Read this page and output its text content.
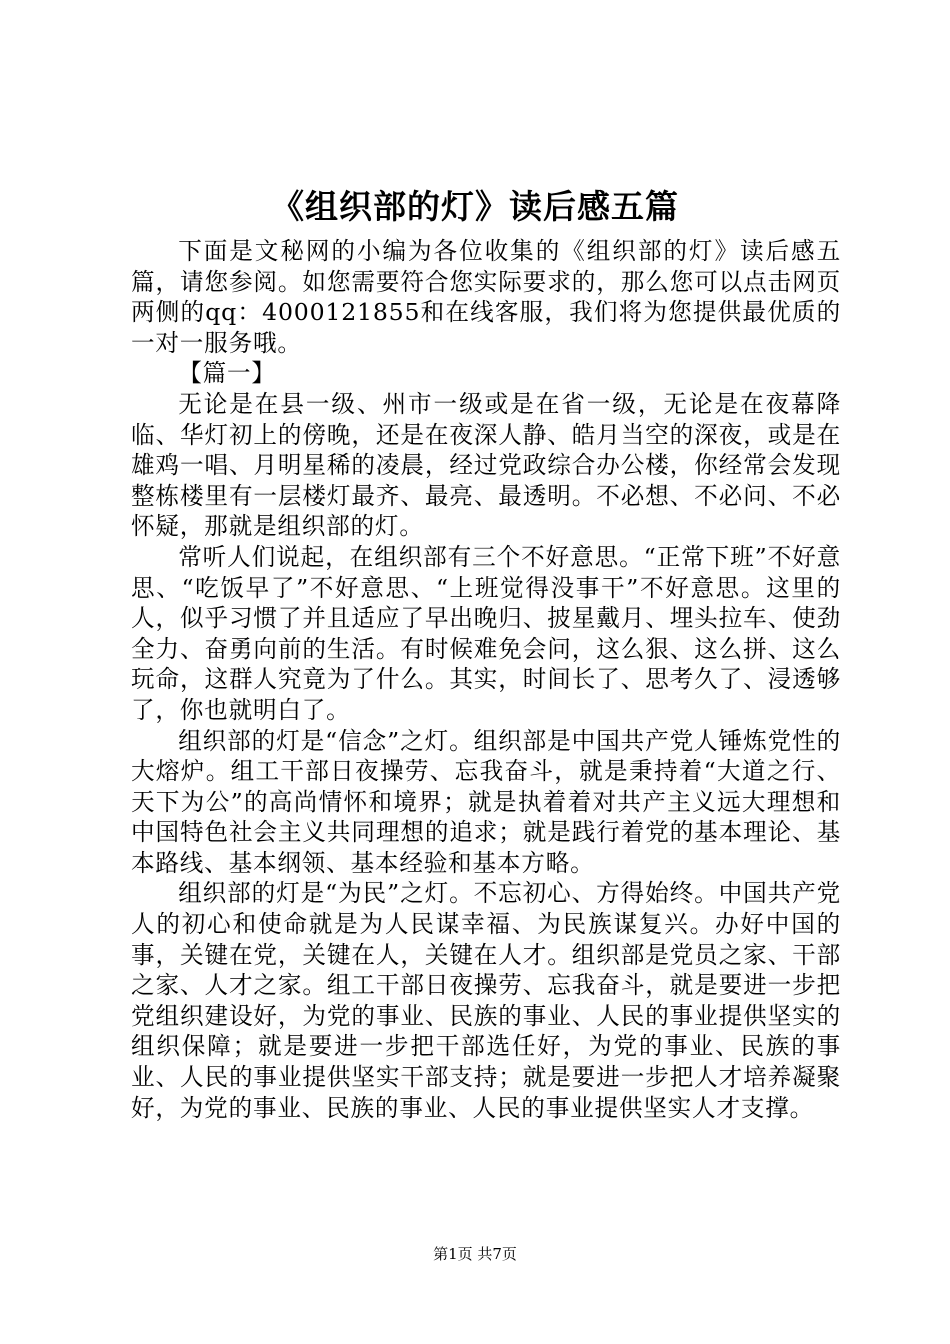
《组织部的灯》读后感五篇

下面是文秘网的小编为各位收集的《组织部的灯》读后感五篇，请您参阅。如您需要符合您实际要求的，那么您可以点击网页两侧的qq：4000121855和在线客服，我们将为您提供最优质的一对一服务哦。

【篇一】

无论是在县一级、州市一级或是在省一级，无论是在夜幕降临、华灯初上的傍晚，还是在夜深人静、皓月当空的深夜，或是在雄鸡一唱、月明星稀的凌晨，经过党政综合办公楼，你经常会发现整栋楼里有一层楼灯最齐、最亮、最透明。不必想、不必问、不必怀疑，那就是组织部的灯。

常听人们说起，在组织部有三个不好意思。“正常下班”不好意思、“吃饭早了”不好意思、“上班觉得没事干”不好意思。这里的人，似乎习惯了并且适应了早出晚归、披星戴月、埋头拉车、使劲全力、奋勇向前的生活。有时候难免会问，这么狠、这么拼、这么玩命，这群人究竟为了什么。其实，时间长了、思考久了、浸透够了，你也就明白了。

组织部的灯是“信念”之灯。组织部是中国共产党人锤炼党性的大熔炉。组工干部日夜操劳、忘我奋斗，就是秉持着“大道之行、天下为公”的高尚情怀和境界；就是执着着对共产主义远大理想和中国特色社会主义共同理想的追求；就是践行着党的基本理论、基本路线、基本纲领、基本经验和基本方略。

组织部的灯是“为民”之灯。不忘初心、方得始终。中国共产党人的初心和使命就是为人民谋幸福、为民族谋复兴。办好中国的事，关键在党，关键在人，关键在人才。组织部是党员之家、干部之家、人才之家。组工干部日夜操劳、忘我奋斗，就是要进一步把党组织建设好，为党的事业、民族的事业、人民的事业提供坚实的组织保障；就是要进一步把干部选任好，为党的事业、民族的事业、人民的事业提供坚实干部支持；就是要进一步把人才培养凝聚好，为党的事业、民族的事业、人民的事业提供坚实人才支撑。

第1页 共7页
